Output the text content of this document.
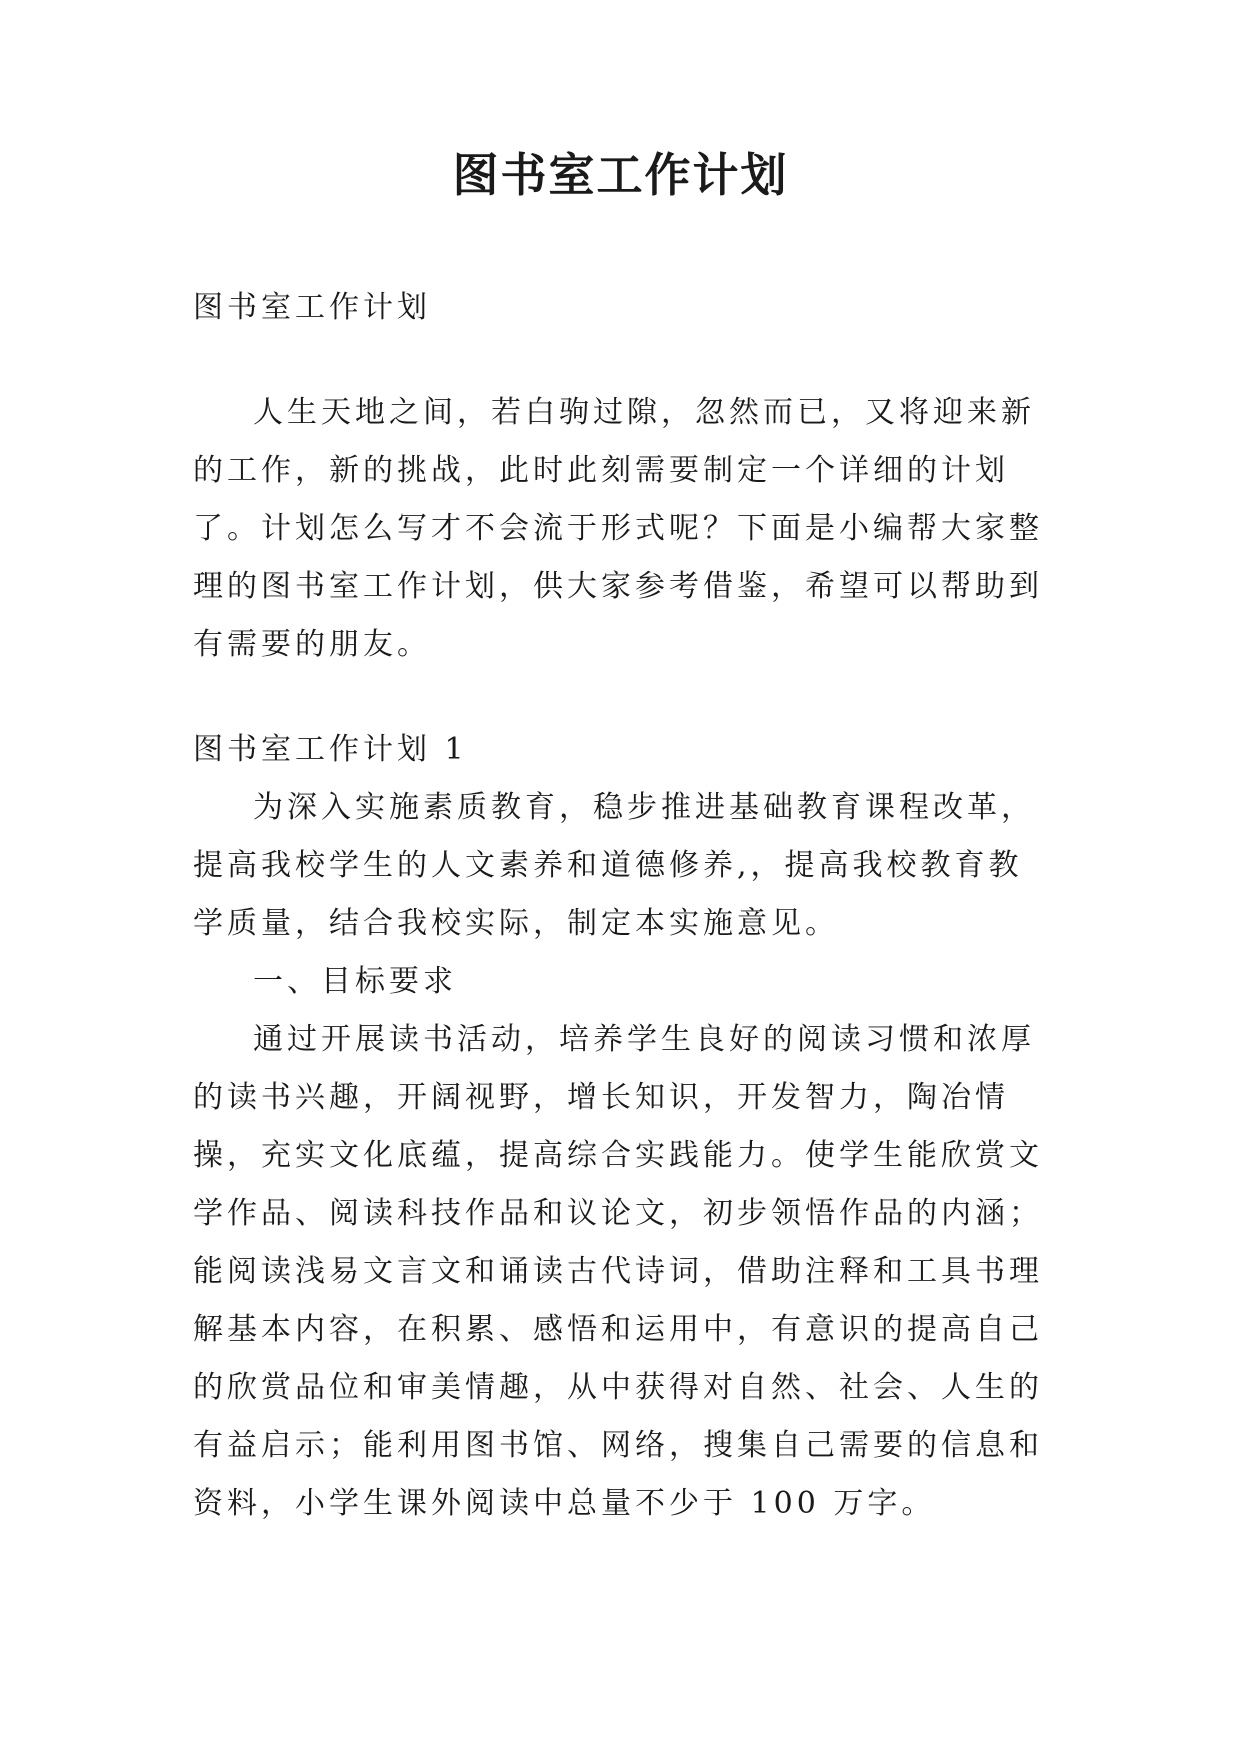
图书室工作计划

图书室工作计划

人生天地之间，若白驹过隙，忽然而已，又将迎来新的工作，新的挑战，此时此刻需要制定一个详细的计划了。计划怎么写才不会流于形式呢？下面是小编帮大家整理的图书室工作计划，供大家参考借鉴，希望可以帮助到有需要的朋友。

图书室工作计划 1

为深入实施素质教育，稳步推进基础教育课程改革，提高我校学生的人文素养和道德修养,，提高我校教育教学质量，结合我校实际，制定本实施意见。

一、目标要求

通过开展读书活动，培养学生良好的阅读习惯和浓厚的读书兴趣，开阔视野，增长知识，开发智力，陶冶情操，充实文化底蕴，提高综合实践能力。使学生能欣赏文学作品、阅读科技作品和议论文，初步领悟作品的内涵；能阅读浅易文言文和诵读古代诗词，借助注释和工具书理解基本内容，在积累、感悟和运用中，有意识的提高自己的欣赏品位和审美情趣，从中获得对自然、社会、人生的有益启示；能利用图书馆、网络，搜集自己需要的信息和资料，小学生课外阅读中总量不少于 100 万字。
